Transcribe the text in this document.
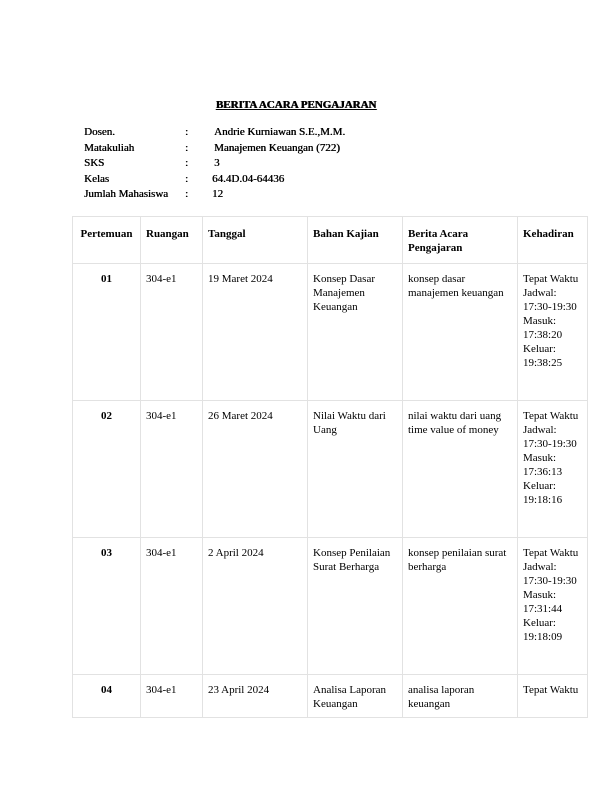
BERITA ACARA PENGAJARAN
Dosen.	: Andrie Kurniawan S.E.,M.M.
Matakuliah	: Manajemen Keuangan (722)
SKS	: 3
Kelas	: 64.4D.04-64436
Jumlah Mahasiswa : 12
Pertemuan	Ruangan	Tanggal	Bahan Kajian	Berita Acara Pengajaran	Kehadiran
01	304-e1	19 Maret 2024	Konsep Dasar Manajemen Keuangan	konsep dasar manajemen keuangan	Tepat Waktu
Jadwal: 17:30-19:30
Masuk: 17:38:20
Keluar: 19:38:25

02	304-e1	26 Maret 2024	Nilai Waktu dari Uang	nilai waktu dari uang time value of money	Tepat Waktu
Jadwal: 17:30-19:30
Masuk: 17:36:13
Keluar: 19:18:16

03	304-e1	2 April 2024	Konsep Penilaian Surat Berharga	konsep penilaian surat berharga	Tepat Waktu
Jadwal: 17:30-19:30
Masuk: 17:31:44
Keluar: 19:18:09

04	304-e1	23 April 2024	Analisa Laporan Keuangan	analisa laporan keuangan	Tepat Waktu
